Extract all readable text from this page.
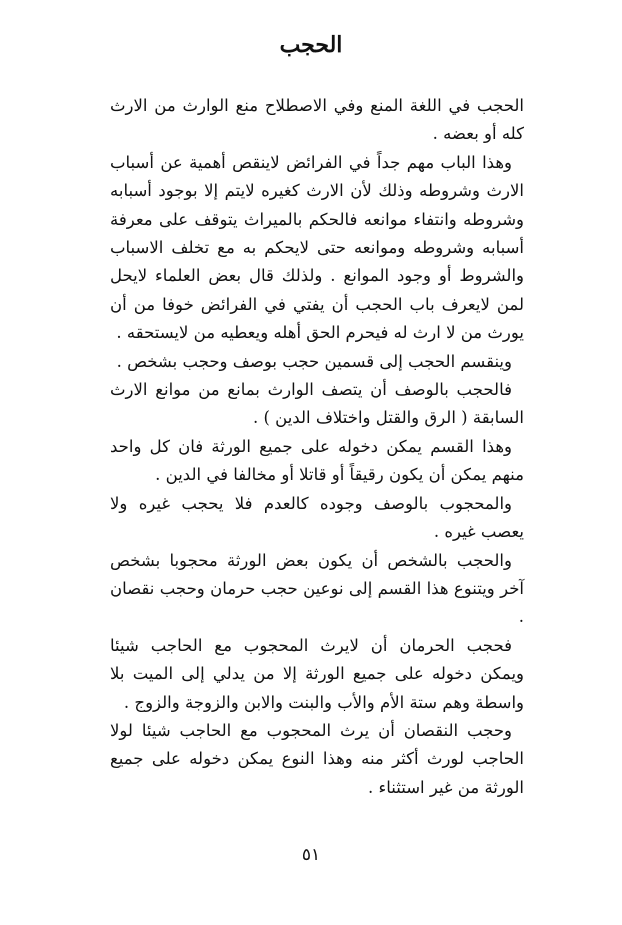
الحجب

الحجب في اللغة المنع وفي الاصطلاح منع الوارث من الارث كله أو بعضه .

وهذا الباب مهم جداً في الفرائض لاينقص أهمية عن أسباب الارث وشروطه وذلك لأن الارث كغيره لايتم إلا بوجود أسبابه وشروطه وانتفاء موانعه فالحكم بالميراث يتوقف على معرفة أسبابه وشروطه وموانعه حتى لايحكم به مع تخلف الاسباب والشروط أو وجود الموانع . ولذلك قال بعض العلماء لايحل لمن لايعرف باب الحجب أن يفتي في الفرائض خوفا من أن يورث من لا ارث له فيحرم الحق أهله ويعطيه من لايستحقه .

وينقسم الحجب إلى قسمين حجب بوصف وحجب بشخص .

فالحجب بالوصف أن يتصف الوارث بمانع من موانع الارث السابقة ( الرق والقتل واختلاف الدين ) .

وهذا القسم يمكن دخوله على جميع الورثة فان كل واحد منهم يمكن أن يكون رقيقاً أو قاتلا أو مخالفا في الدين .

والمحجوب بالوصف وجوده كالعدم فلا يحجب غيره ولا يعصب غيره .

والحجب بالشخص أن يكون بعض الورثة محجوبا بشخص آخر ويتنوع هذا القسم إلى نوعين حجب حرمان وحجب نقصان .

فحجب الحرمان أن لايرث المحجوب مع الحاجب شيئا ويمكن دخوله على جميع الورثة إلا من يدلي إلى الميت بلا واسطة وهم ستة الأم والأب والبنت والابن والزوجة والزوج .

وحجب النقصان أن يرث المحجوب مع الحاجب شيئا لولا الحاجب لورث أكثر منه وهذا النوع يمكن دخوله على جميع الورثة من غير استثناء .

٥١
